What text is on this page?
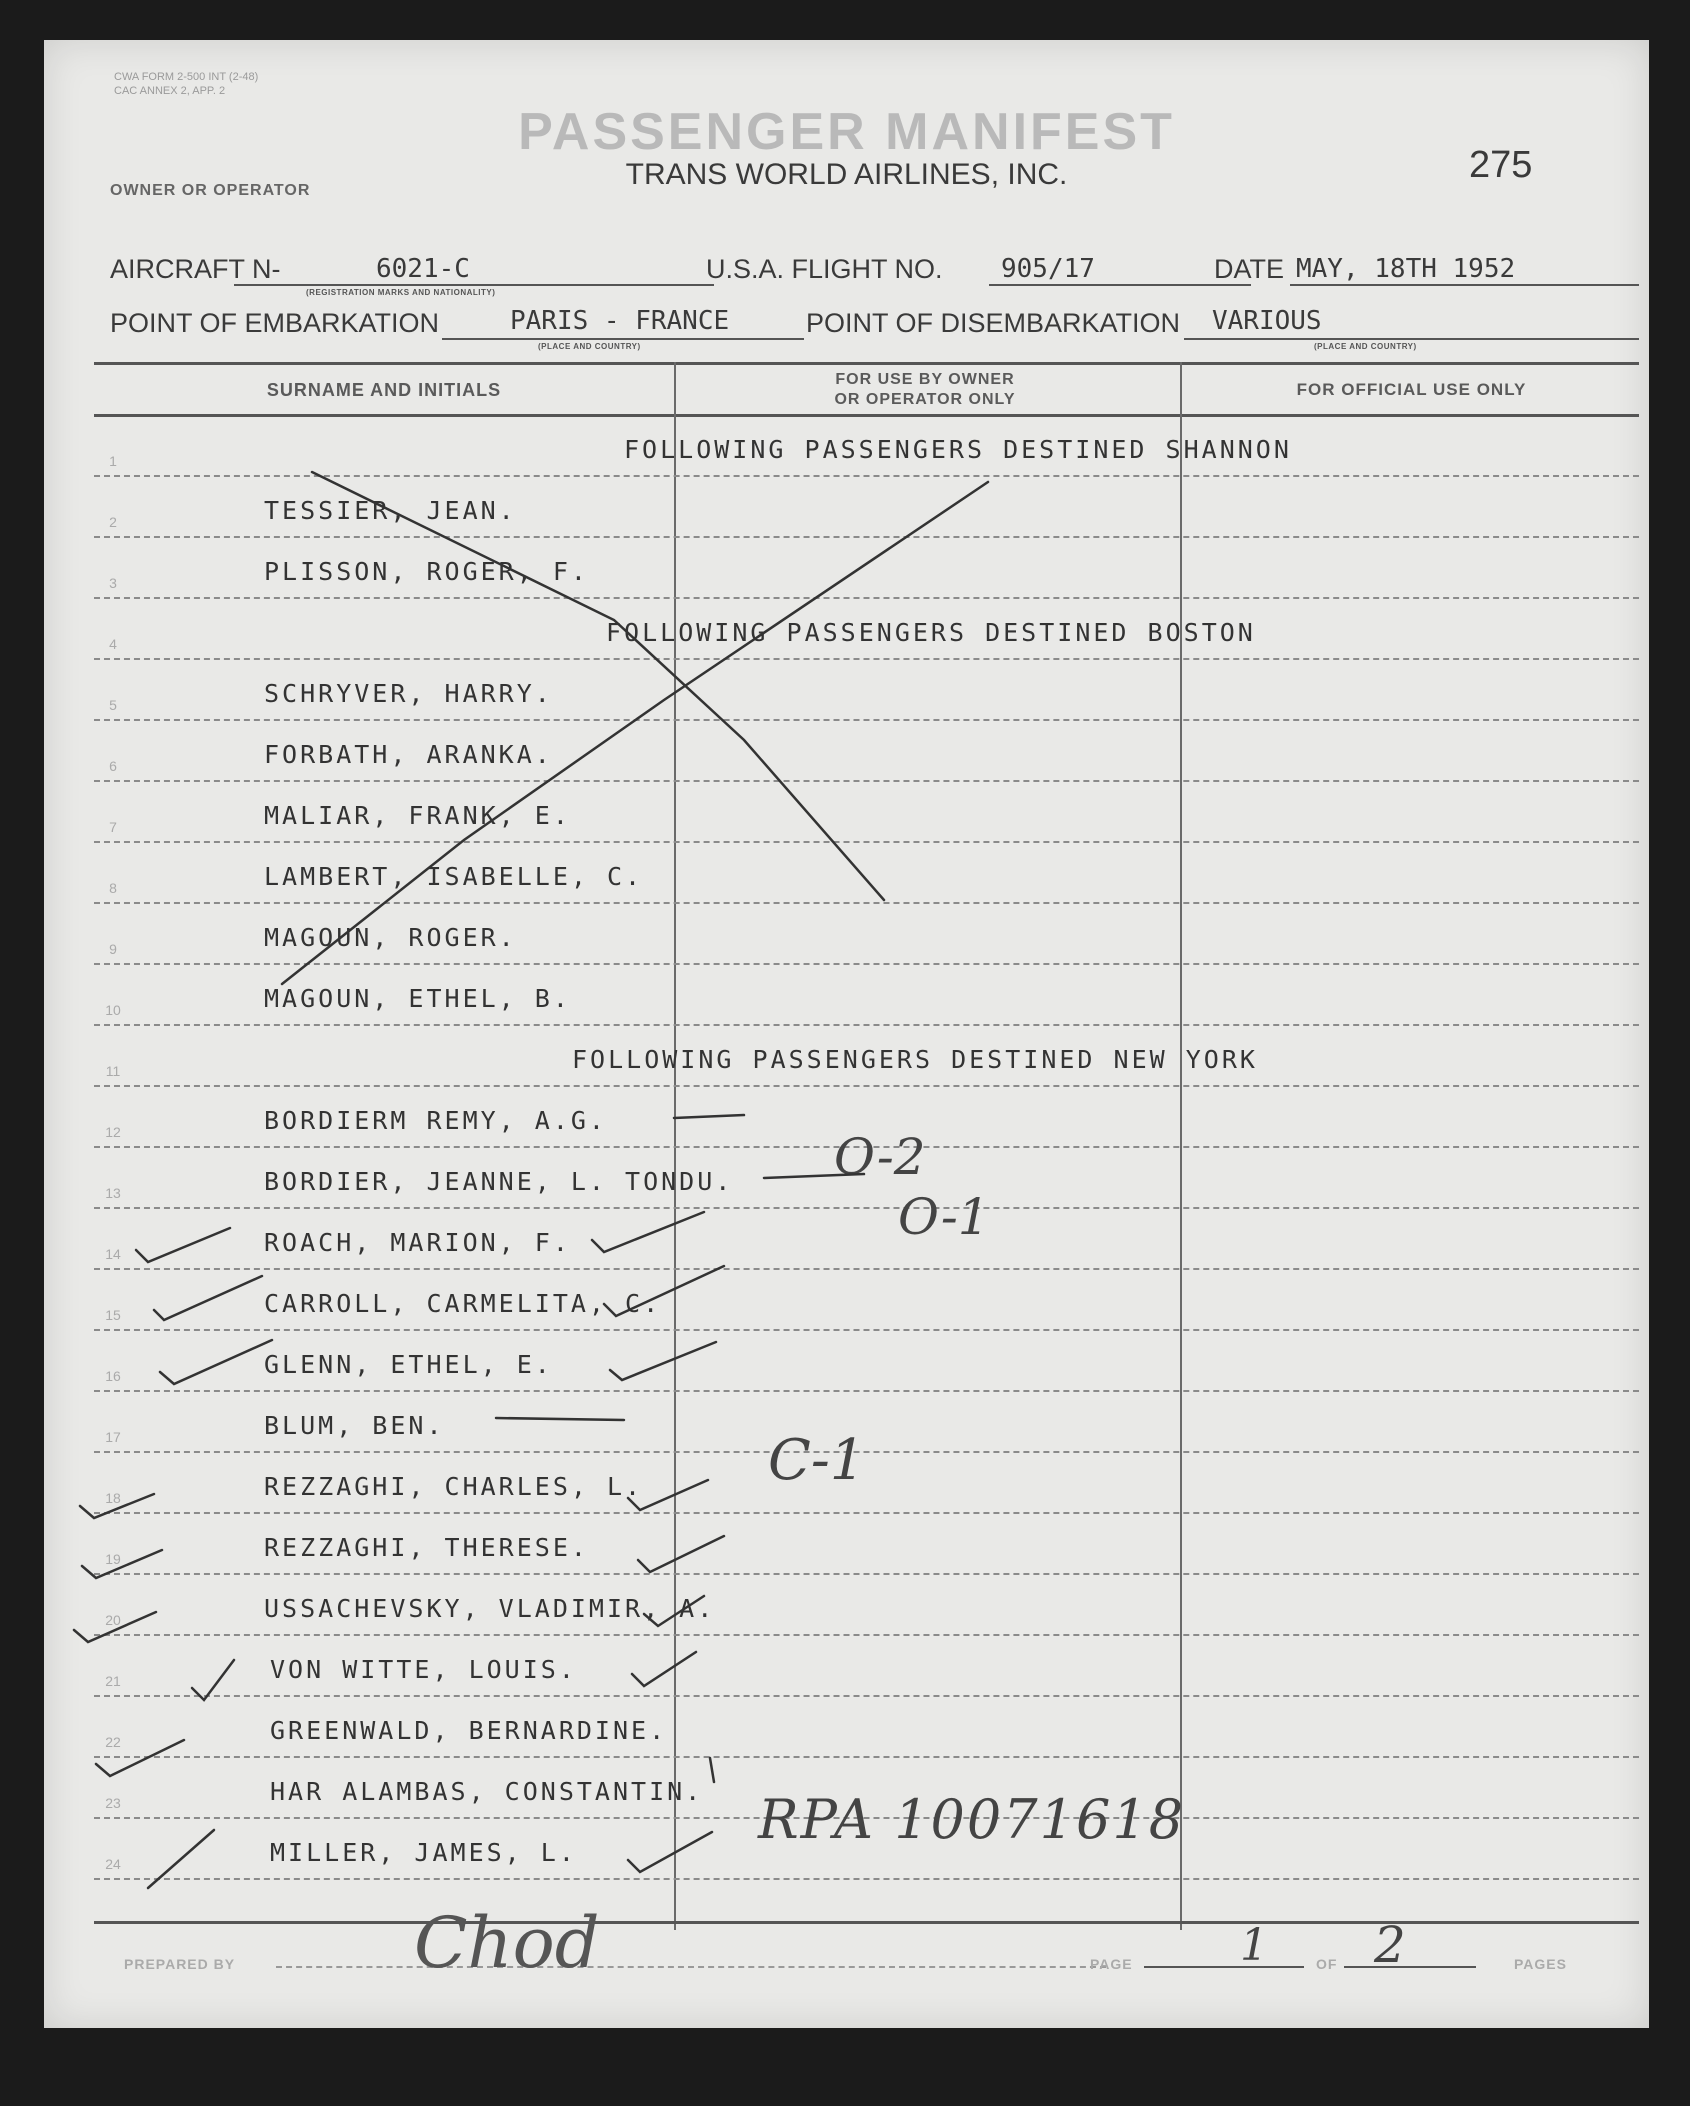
CWA FORM 2-500 INT (2-48)
CAC ANNEX 2, APP. 2
PASSENGER MANIFEST
TRANS WORLD AIRLINES, INC.	275
OWNER OR OPERATOR
AIRCRAFT N-	6021-C
(REGISTRATION MARKS AND NATIONALITY)
U.S.A. FLIGHT NO. 905/17	DATE MAY, 18TH 1952
POINT OF EMBARKATION	PARIS - FRANCE
(PLACE AND COUNTRY)
POINT OF DISEMBARKATION VARIOUS
(PLACE AND COUNTRY)
SURNAME AND INITIALS
FOR USE BY OWNER
OR OPERATOR ONLY
FOR OFFICIAL USE ONLY
1	FOLLOWING PASSENGERS DESTINED SHANNON
2	TESSIER, JEAN.
3	PLISSON, ROGER, F.
4	FOLLOWING PASSENGERS DESTINED BOSTON
5	SCHRYVER, HARRY.
6	FORBATH, ARANKA.
7	MALIAR, FRANK, E.
8	LAMBERT, ISABELLE, C.
9	MAGOUN, ROGER.
10	MAGOUN, ETHEL, B.
11	FOLLOWING PASSENGERS DESTINED NEW YORK
12	BORDIERM REMY, A.G.
13	BORDIER, JEANNE, L. TONDU.
14	ROACH, MARION, F.
15	CARROLL, CARMELITA, C.
16	GLENN, ETHEL, E.
17	BLUM, BEN.
18	REZZAGHI, CHARLES, L.
19	REZZAGHI, THERESE.
20	USSACHEVSKY, VLADIMIR, A.
21	VON WITTE, LOUIS.
22	GREENWALD, BERNARDINE.
23	HAR ALAMBAS, CONSTANTIN.
24	MILLER, JAMES, L.
O-2
O-1
C-1
RPA 10071618
PREPARED BY	Chod	PAGE 1	OF 2	PAGES
